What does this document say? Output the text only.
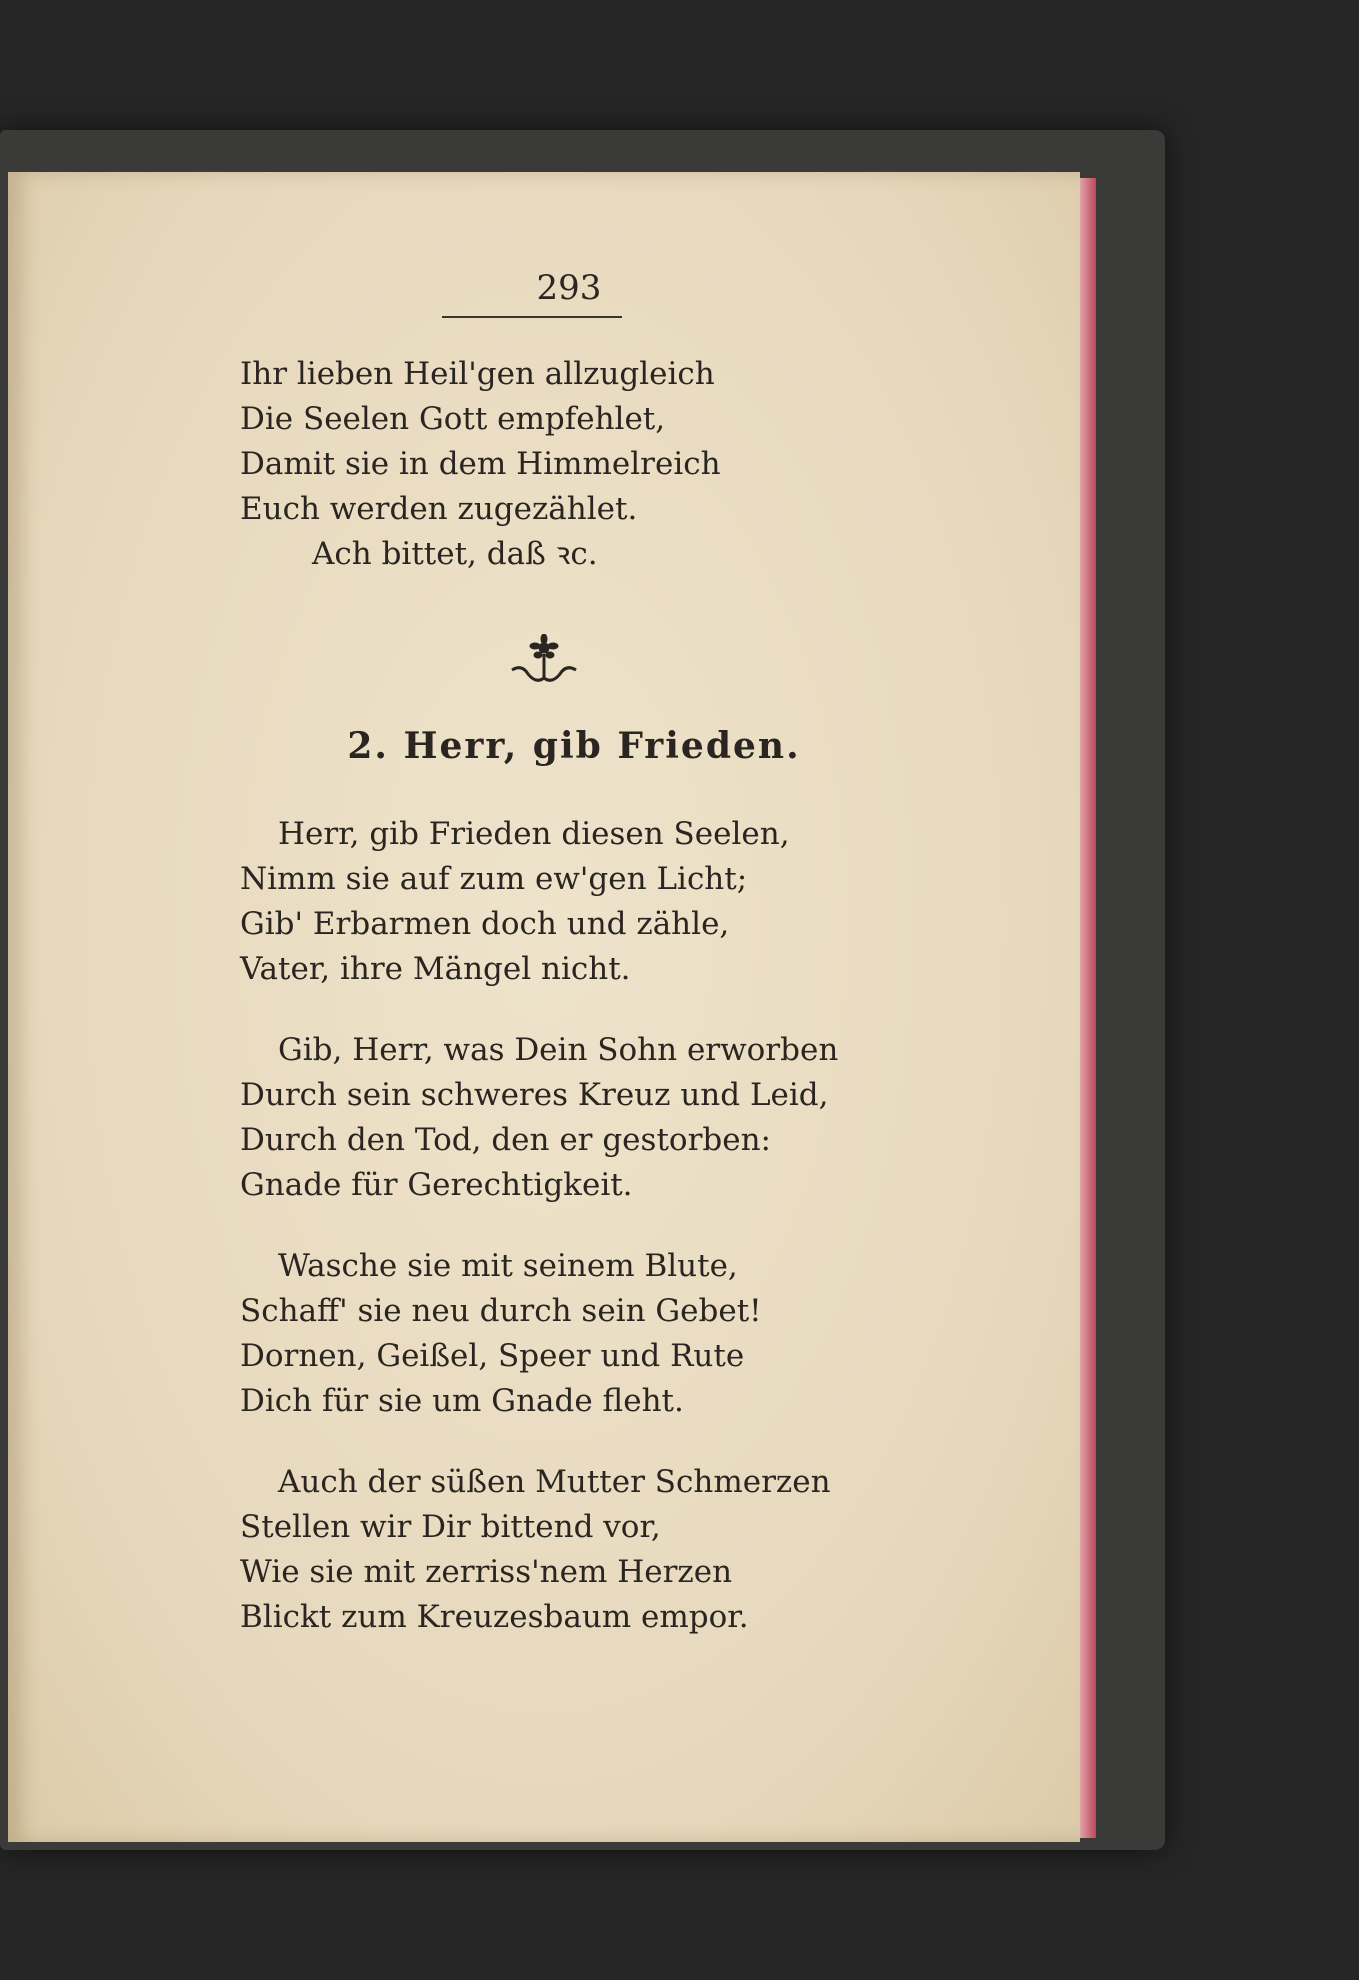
293
Ihr lieben Heil'gen allzugleich
Die Seelen Gott empfehlet,
Damit sie in dem Himmelreich
Euch werden zugezählet.
Ach bittet, daß ꝛc.
2. Herr, gib Frieden.
Herr, gib Frieden diesen Seelen,
Nimm sie auf zum ew'gen Licht;
Gib' Erbarmen doch und zähle,
Vater, ihre Mängel nicht.
Gib, Herr, was Dein Sohn erworben
Durch sein schweres Kreuz und Leid,
Durch den Tod, den er gestorben:
Gnade für Gerechtigkeit.
Wasche sie mit seinem Blute,
Schaff' sie neu durch sein Gebet!
Dornen, Geißel, Speer und Rute
Dich für sie um Gnade fleht.
Auch der süßen Mutter Schmerzen
Stellen wir Dir bittend vor,
Wie sie mit zerriss'nem Herzen
Blickt zum Kreuzesbaum empor.
